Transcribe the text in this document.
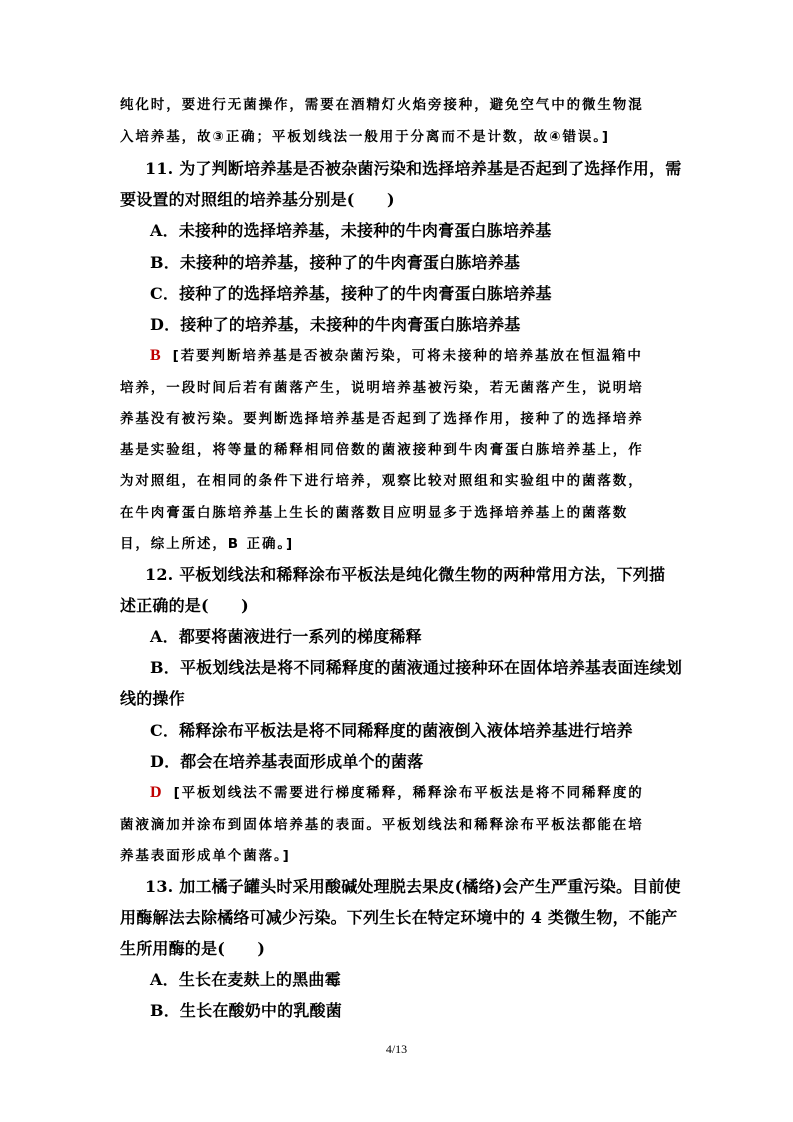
纯化时，要进行无菌操作，需要在酒精灯火焰旁接种，避免空气中的微生物混
入培养基，故③正确；平板划线法一般用于分离而不是计数，故④错误。]
11. 为了判断培养基是否被杂菌污染和选择培养基是否起到了选择作用，需
要设置的对照组的培养基分别是(　　)
A．未接种的选择培养基，未接种的牛肉膏蛋白胨培养基
B．未接种的培养基，接种了的牛肉膏蛋白胨培养基
C．接种了的选择培养基，接种了的牛肉膏蛋白胨培养基
D．接种了的培养基，未接种的牛肉膏蛋白胨培养基
B [若要判断培养基是否被杂菌污染，可将未接种的培养基放在恒温箱中
培养，一段时间后若有菌落产生，说明培养基被污染，若无菌落产生，说明培
养基没有被污染。要判断选择培养基是否起到了选择作用，接种了的选择培养
基是实验组，将等量的稀释相同倍数的菌液接种到牛肉膏蛋白胨培养基上，作
为对照组，在相同的条件下进行培养，观察比较对照组和实验组中的菌落数，
在牛肉膏蛋白胨培养基上生长的菌落数目应明显多于选择培养基上的菌落数
目，综上所述，B 正确。]
12. 平板划线法和稀释涂布平板法是纯化微生物的两种常用方法，下列描
述正确的是(　　)
A．都要将菌液进行一系列的梯度稀释
B．平板划线法是将不同稀释度的菌液通过接种环在固体培养基表面连续划
线的操作
C．稀释涂布平板法是将不同稀释度的菌液倒入液体培养基进行培养
D．都会在培养基表面形成单个的菌落
D [平板划线法不需要进行梯度稀释，稀释涂布平板法是将不同稀释度的
菌液滴加并涂布到固体培养基的表面。平板划线法和稀释涂布平板法都能在培
养基表面形成单个菌落。]
13. 加工橘子罐头时采用酸碱处理脱去果皮(橘络)会产生严重污染。目前使
用酶解法去除橘络可减少污染。下列生长在特定环境中的 4 类微生物，不能产
生所用酶的是(　　)
A．生长在麦麸上的黑曲霉
B．生长在酸奶中的乳酸菌
4/13
